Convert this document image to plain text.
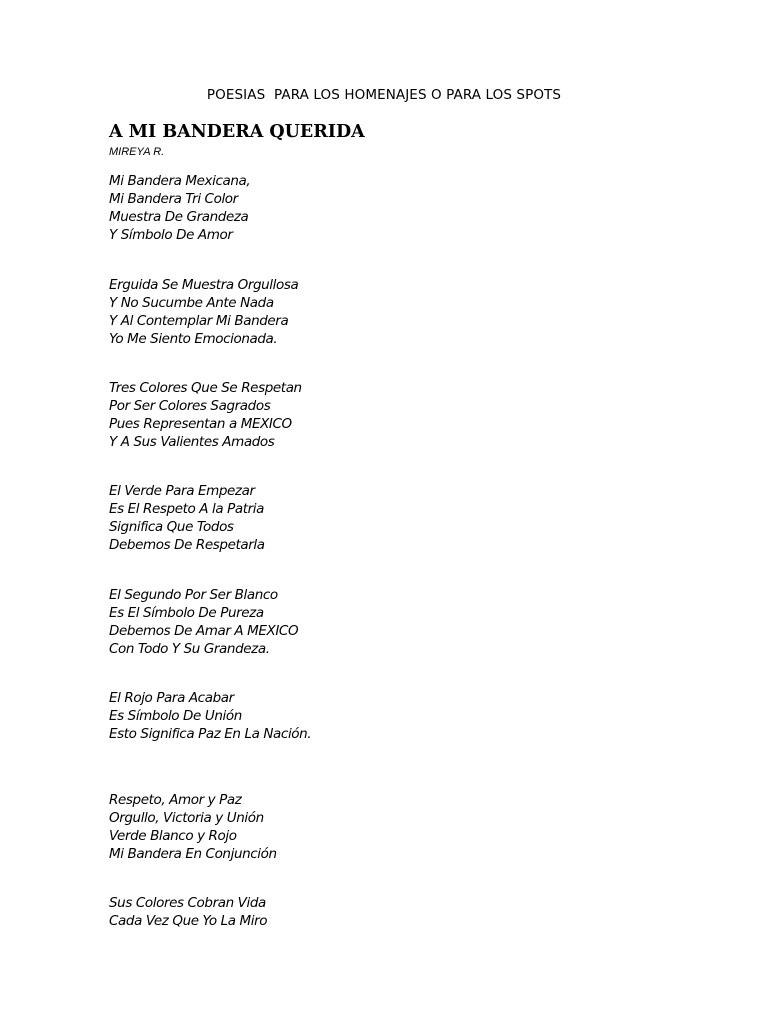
POESIAS  PARA LOS HOMENAJES O PARA LOS SPOTS
A MI BANDERA QUERIDA
MIREYA R.
Mi Bandera Mexicana,
Mi Bandera Tri Color
Muestra De Grandeza
Y Símbolo De Amor
Erguida Se Muestra Orgullosa
Y No Sucumbe Ante Nada
Y Al Contemplar Mi Bandera
Yo Me Siento Emocionada.
Tres Colores Que Se Respetan
Por Ser Colores Sagrados
Pues Representan a MEXICO
Y A Sus Valientes Amados
El Verde Para Empezar
Es El Respeto A la Patria
Significa Que Todos
Debemos De Respetarla
El Segundo Por Ser Blanco
Es El Símbolo De Pureza
Debemos De Amar A MEXICO
Con Todo Y Su Grandeza.
El Rojo Para Acabar
Es Símbolo De Unión
Esto Significa Paz En La Nación.
Respeto, Amor y Paz
Orgullo, Victoria y Unión
Verde Blanco y Rojo
Mi Bandera En Conjunción
Sus Colores Cobran Vida
Cada Vez Que Yo La Miro
